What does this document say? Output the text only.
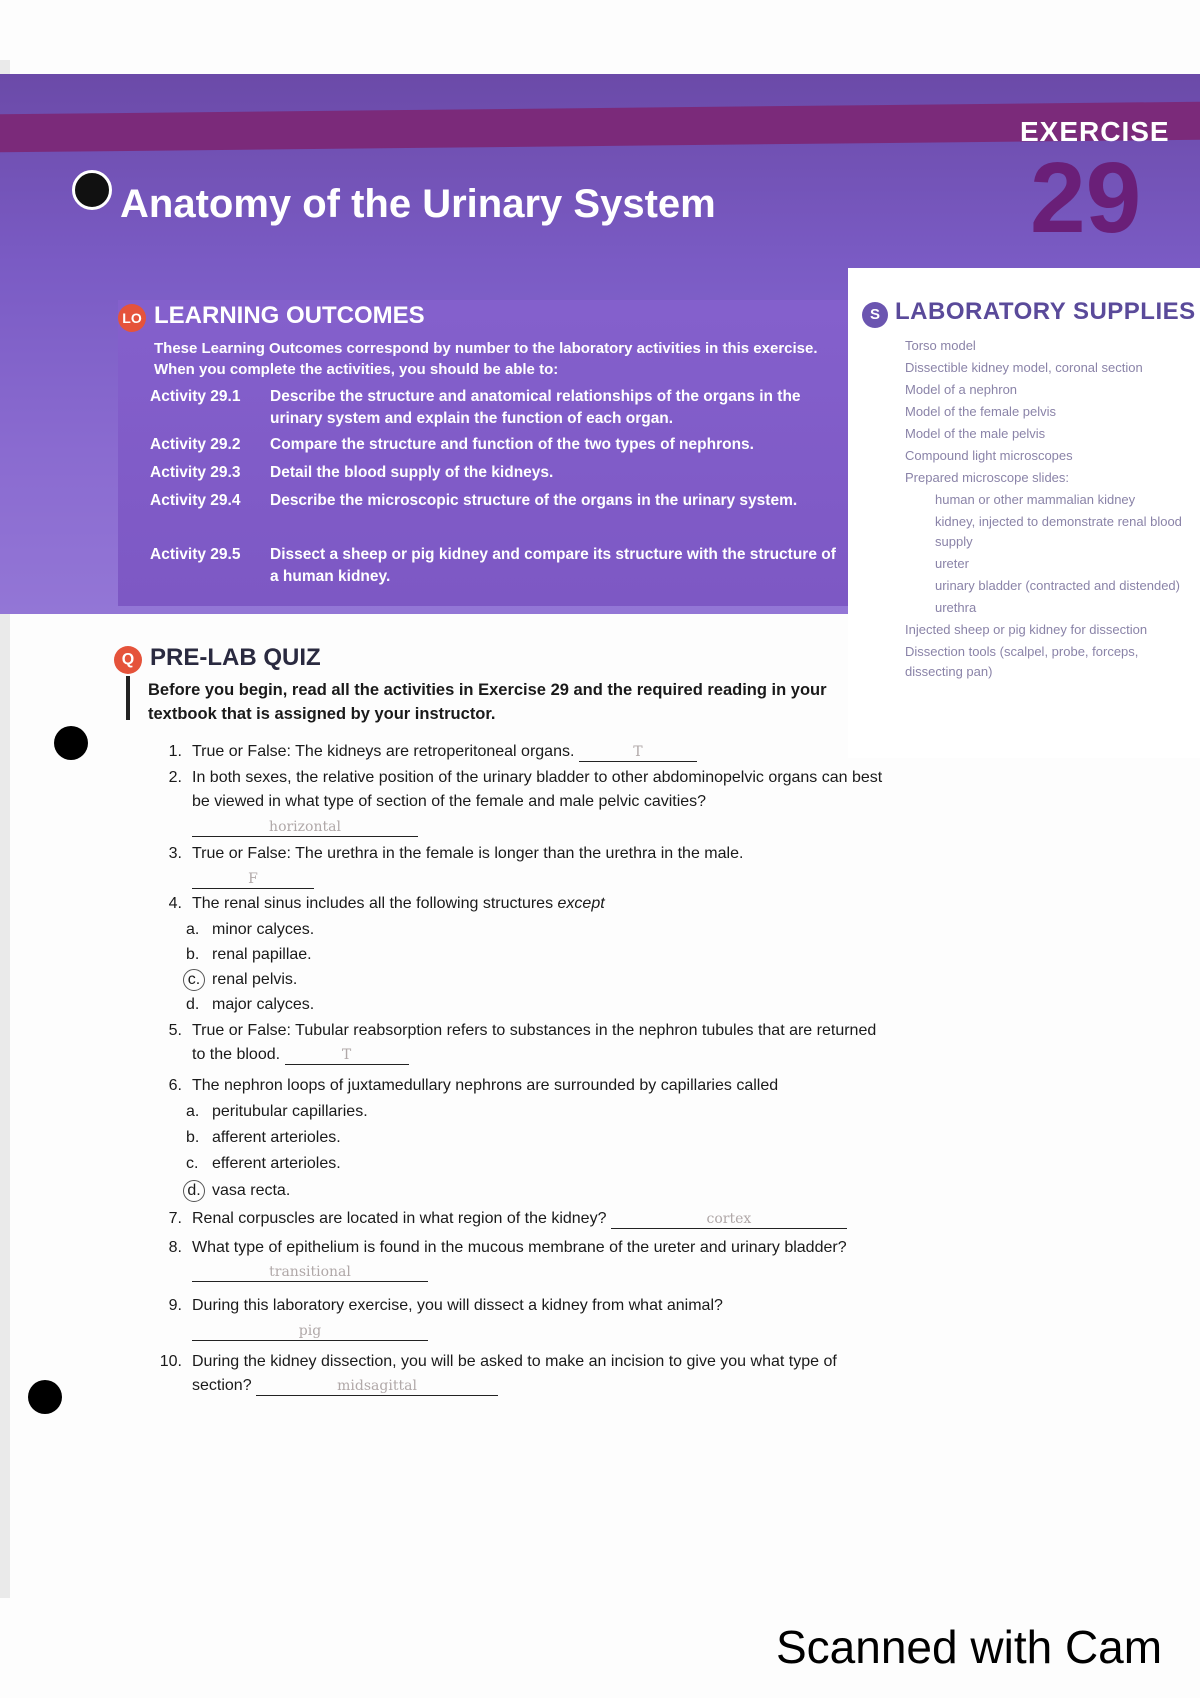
EXERCISE
29
Anatomy of the Urinary System
LO LEARNING OUTCOMES
These Learning Outcomes correspond by number to the laboratory activities in this exercise. When you complete the activities, you should be able to:
Activity 29.1 Describe the structure and anatomical relationships of the organs in the urinary system and explain the function of each organ.
Activity 29.2 Compare the structure and function of the two types of nephrons.
Activity 29.3 Detail the blood supply of the kidneys.
Activity 29.4 Describe the microscopic structure of the organs in the urinary system.
Activity 29.5 Dissect a sheep or pig kidney and compare its structure with the structure of a human kidney.
S LABORATORY SUPPLIES
Torso model
Dissectible kidney model, coronal section
Model of a nephron
Model of the female pelvis
Model of the male pelvis
Compound light microscopes
Prepared microscope slides:
human or other mammalian kidney
kidney, injected to demonstrate renal blood supply
ureter
urinary bladder (contracted and distended)
urethra
Injected sheep or pig kidney for dissection
Dissection tools (scalpel, probe, forceps, dissecting pan)
Q PRE-LAB QUIZ
Before you begin, read all the activities in Exercise 29 and the required reading in your textbook that is assigned by your instructor.
1. True or False: The kidneys are retroperitoneal organs.	T
2. In both sexes, the relative position of the urinary bladder to other abdominopelvic organs can best be viewed in what type of section of the female and male pelvic cavities?
horizontal
3. True or False: The urethra in the female is longer than the urethra in the male.
F
4. The renal sinus includes all the following structures except
a. minor calyces.
b. renal papillae.
c. renal pelvis.
d. major calyces.
5. True or False: Tubular reabsorption refers to substances in the nephron tubules that are returned to the blood.	T
6. The nephron loops of juxtamedullary nephrons are surrounded by capillaries called
a. peritubular capillaries.
b. afferent arterioles.
c. efferent arterioles.
d. vasa recta.
7. Renal corpuscles are located in what region of the kidney?	cortex
8. What type of epithelium is found in the mucous membrane of the ureter and urinary bladder? transitional
9. During this laboratory exercise, you will dissect a kidney from what animal?
pig
10. During the kidney dissection, you will be asked to make an incision to give you what type of section?	midsagittal
Scanned with Cam
